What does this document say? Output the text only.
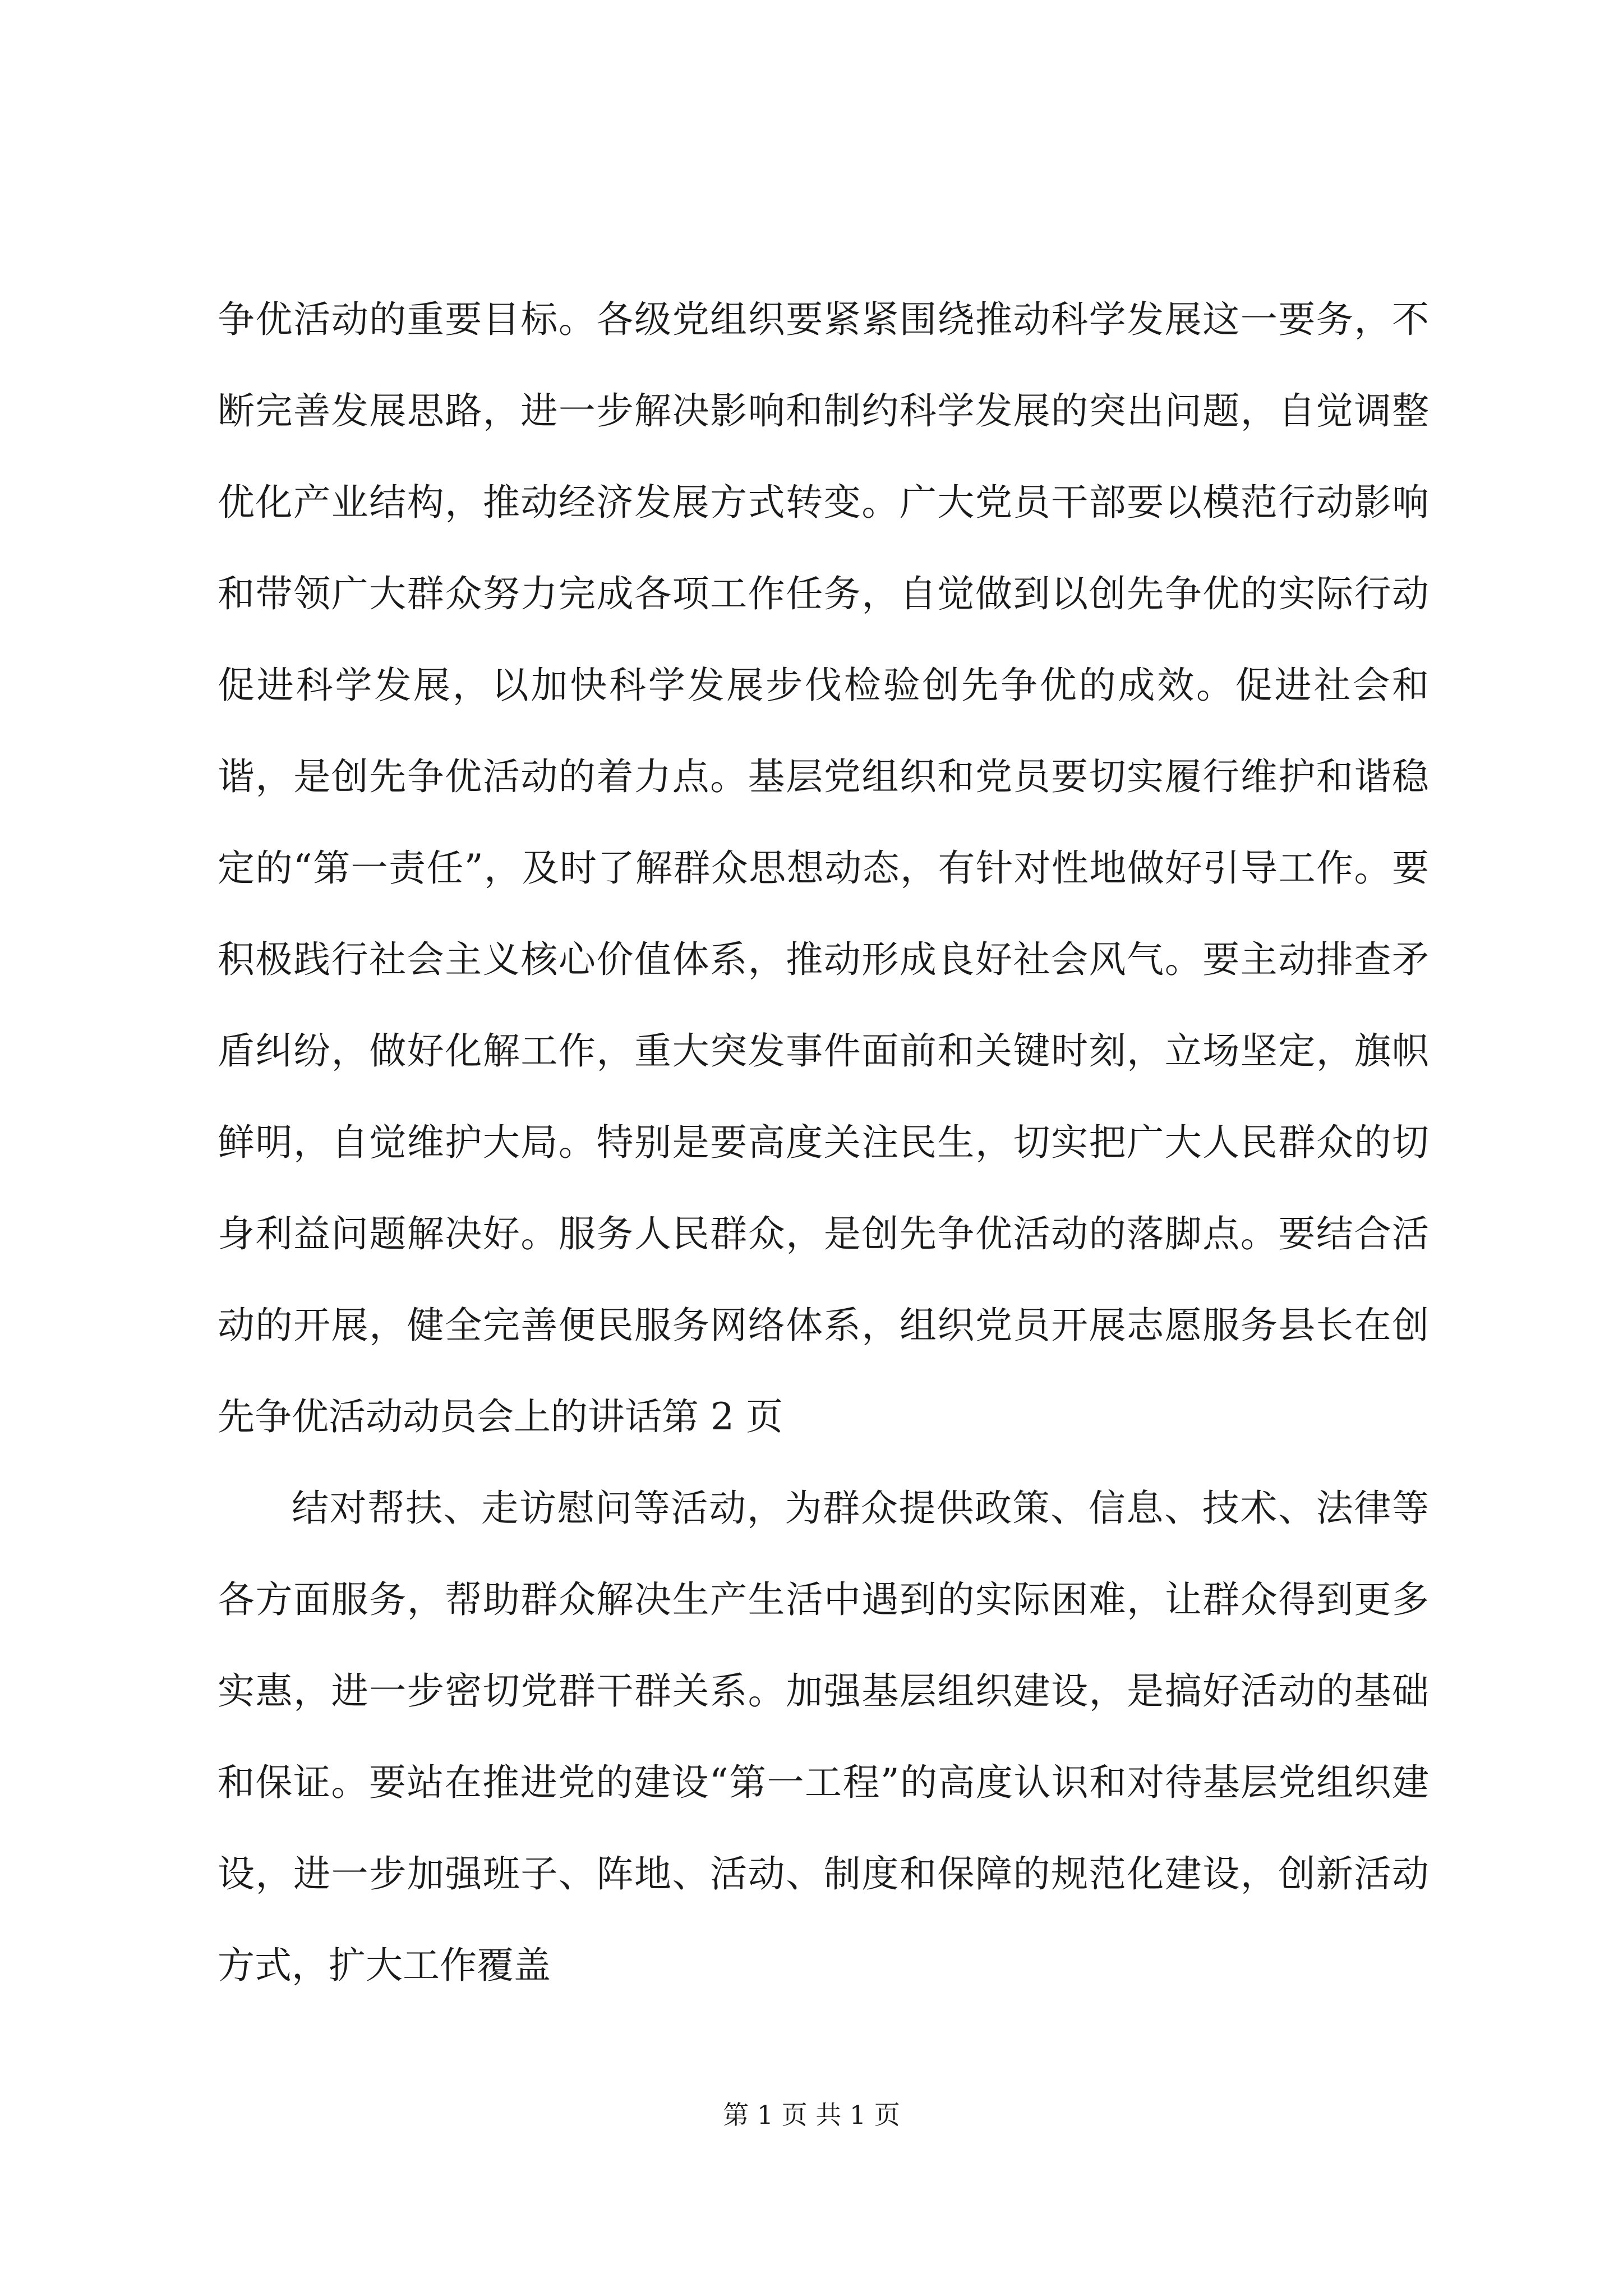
争优活动的重要目标。各级党组织要紧紧围绕推动科学发展这一要务，不断完善发展思路，进一步解决影响和制约科学发展的突出问题，自觉调整优化产业结构，推动经济发展方式转变。广大党员干部要以模范行动影响和带领广大群众努力完成各项工作任务，自觉做到以创先争优的实际行动促进科学发展，以加快科学发展步伐检验创先争优的成效。促进社会和谐，是创先争优活动的着力点。基层党组织和党员要切实履行维护和谐稳定的“第一责任”，及时了解群众思想动态，有针对性地做好引导工作。要积极践行社会主义核心价值体系，推动形成良好社会风气。要主动排查矛盾纠纷，做好化解工作，重大突发事件面前和关键时刻，立场坚定，旗帜鲜明，自觉维护大局。特别是要高度关注民生，切实把广大人民群众的切身利益问题解决好。服务人民群众，是创先争优活动的落脚点。要结合活动的开展，健全完善便民服务网络体系，组织党员开展志愿服务县长在创先争优活动动员会上的讲话第 2 页

结对帮扶、走访慰问等活动，为群众提供政策、信息、技术、法律等各方面服务，帮助群众解决生产生活中遇到的实际困难，让群众得到更多实惠，进一步密切党群干群关系。加强基层组织建设，是搞好活动的基础和保证。要站在推进党的建设“第一工程”的高度认识和对待基层党组织建设，进一步加强班子、阵地、活动、制度和保障的规范化建设，创新活动方式，扩大工作覆盖

第 1 页 共 1 页
